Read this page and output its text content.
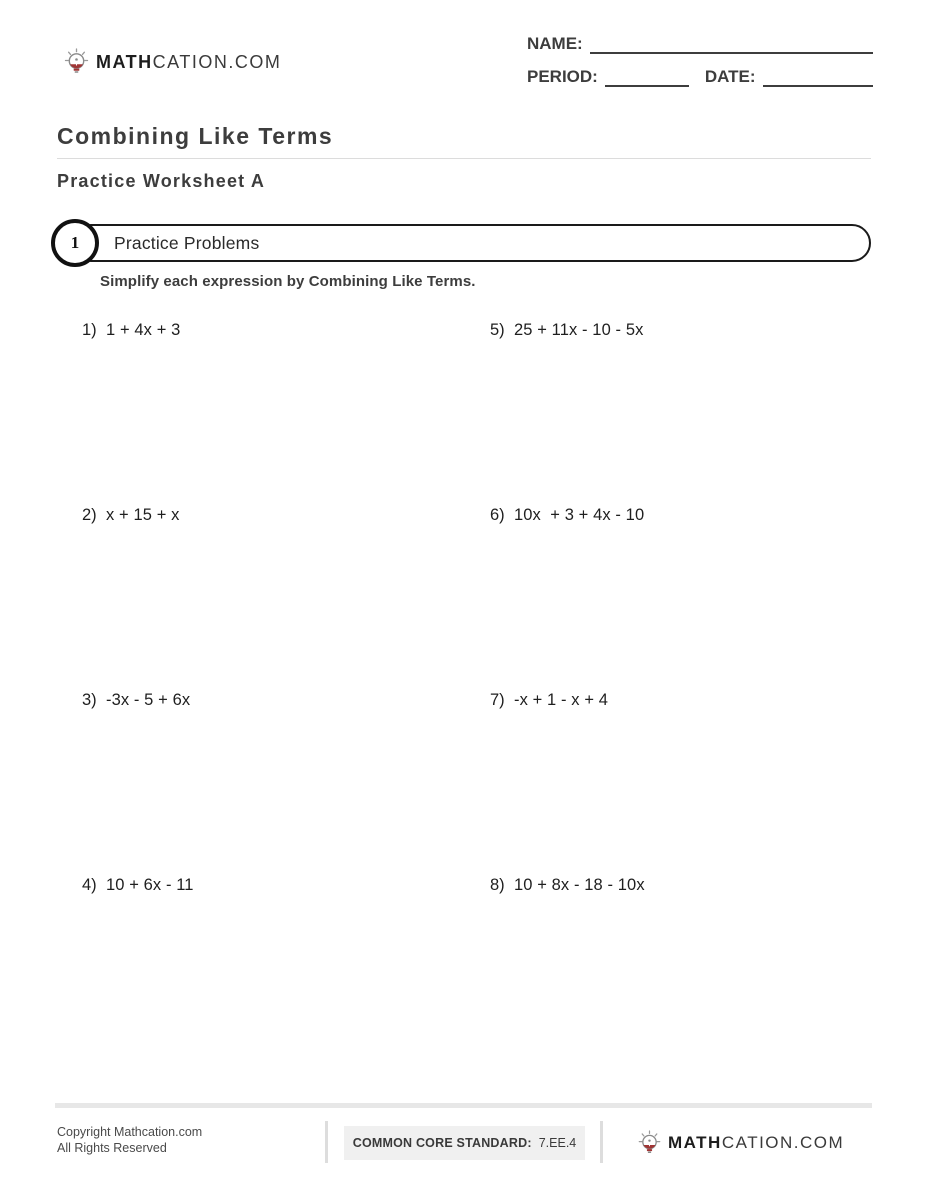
MATHCATION.COM
NAME:
PERIOD:	DATE:
Combining Like Terms
Practice Worksheet A
1 Practice Problems
Simplify each expression by Combining Like Terms.
1) 1 + 4x + 3	5) 25 + 11x - 10 - 5x
2) x + 15 + x	6) 10x  + 3 + 4x - 10
3) -3x - 5 + 6x	7) -x + 1 - x + 4
4) 10 + 6x - 11	8) 10 + 8x - 18 - 10x
Copyright Mathcation.com
All Rights Reserved	COMMON CORE STANDARD: 7.EE.4	MATHCATION.COM
